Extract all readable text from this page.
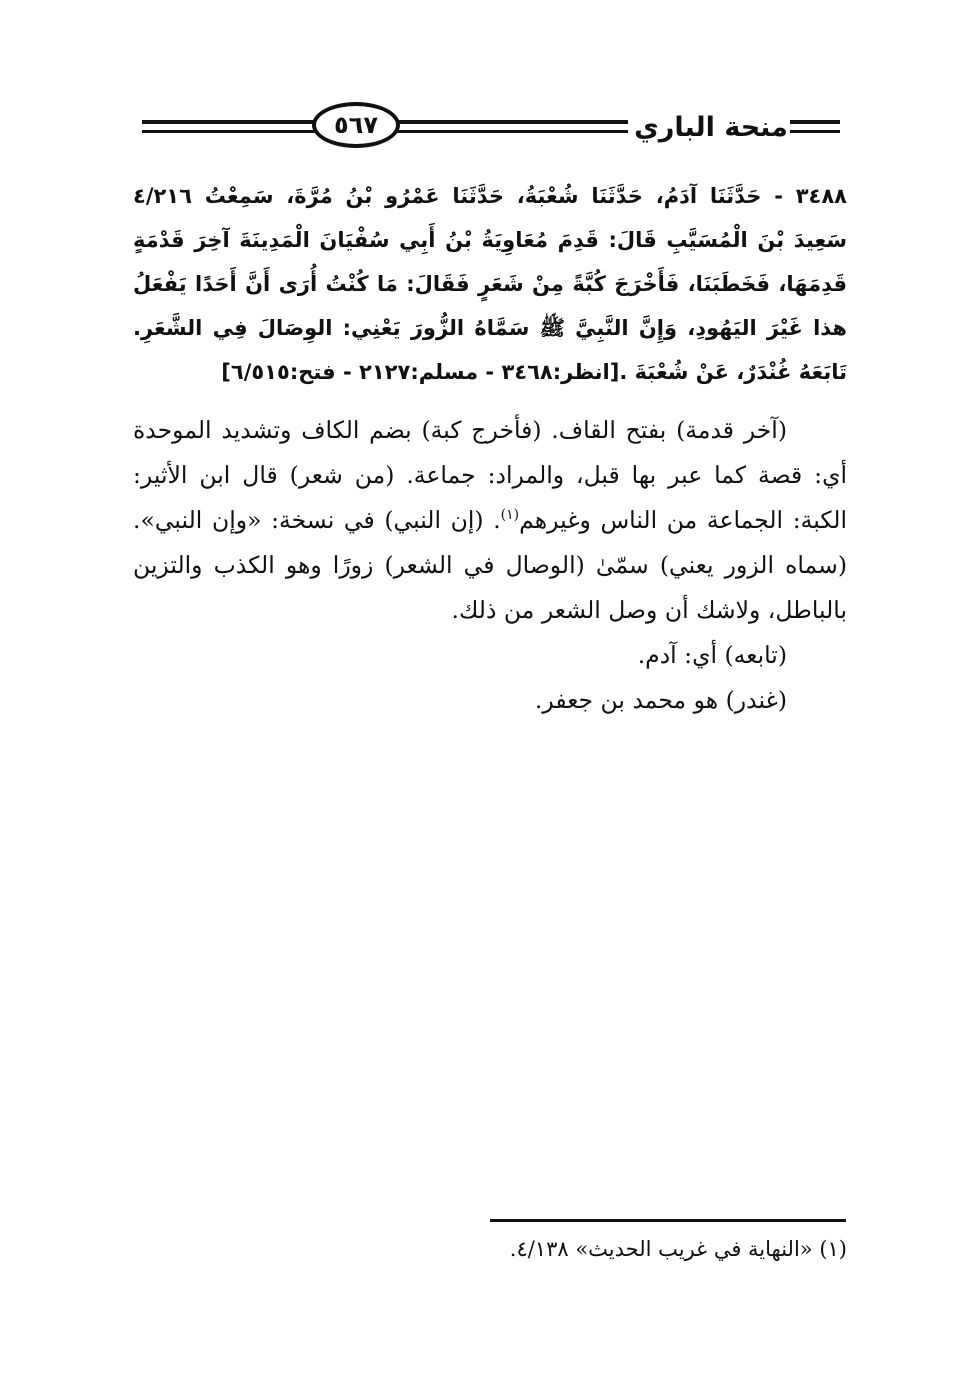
٥٦٧	منحة الباري

٣٤٨٨ - حَدَّثَنَا آدَمُ، حَدَّثَنَا شُعْبَةُ، حَدَّثَنَا عَمْرُو بْنُ مُرَّةَ، سَمِعْتُ ٤/٢١٦ سَعِيدَ بْنَ الْمُسَيَّبِ قَالَ: قَدِمَ مُعَاوِيَةُ بْنُ أَبِي سُفْيَانَ الْمَدِينَةَ آخِرَ قَدْمَةٍ قَدِمَهَا، فَخَطَبَنَا، فَأَخْرَجَ كُبَّةً مِنْ شَعَرٍ فَقَالَ: مَا كُنْتُ أُرَى أَنَّ أَحَدًا يَفْعَلُ هذا غَيْرَ اليَهُودِ، وَإِنَّ النَّبِيَّ ﷺ سَمَّاهُ الزُّورَ يَعْنِي: الوِصَالَ فِي الشَّعَرِ. تَابَعَهُ غُنْدَرٌ، عَنْ شُعْبَةَ .[انظر:٣٤٦٨ - مسلم:٢١٢٧ - فتح:٦/٥١٥]

(آخر قدمة) بفتح القاف. (فأخرج كبة) بضم الكاف وتشديد الموحدة أي: قصة كما عبر بها قبل، والمراد: جماعة. (من شعر) قال ابن الأثير: الكبة: الجماعة من الناس وغيرهم$^{(١)}$. (إن النبي) في نسخة: «وإن النبي». (سماه الزور يعني) سمّىٰ (الوصال في الشعر) زورًا وهو الكذب والتزين بالباطل، ولاشك أن وصل الشعر من ذلك.

(تابعه) أي: آدم.

(غندر) هو محمد بن جعفر.

(١) «النهاية في غريب الحديث» ٤/١٣٨.
